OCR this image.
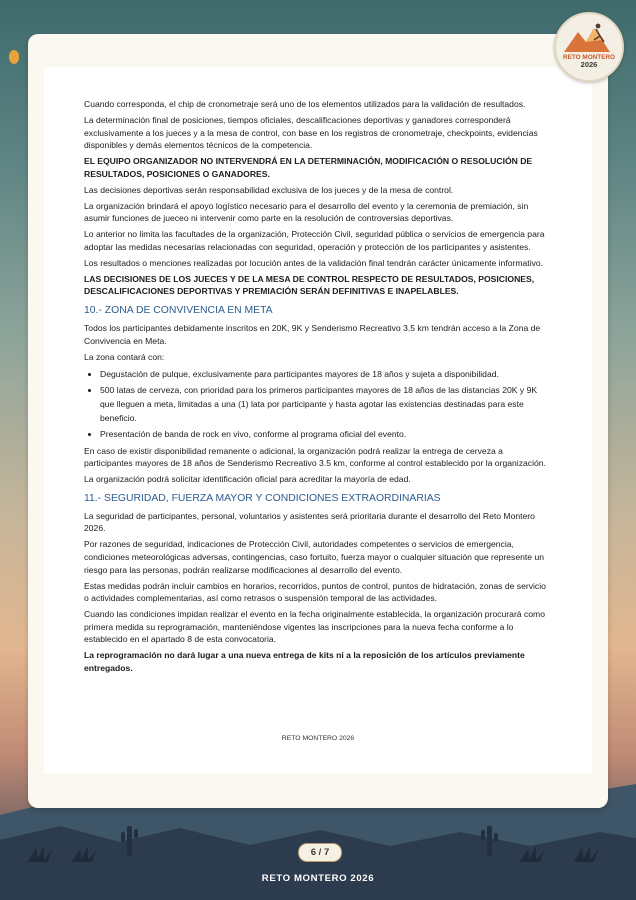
RETO MONTERO
2026

Cuando corresponda, el chip de cronometraje será uno de los elementos utilizados para la validación de resultados.

La determinación final de posiciones, tiempos oficiales, descalificaciones deportivas y ganadores corresponderá exclusivamente a los jueces y a la mesa de control, con base en los registros de cronometraje, checkpoints, evidencias disponibles y demás elementos técnicos de la competencia.

EL EQUIPO ORGANIZADOR NO INTERVENDRÁ EN LA DETERMINACIÓN, MODIFICACIÓN O RESOLUCIÓN DE RESULTADOS, POSICIONES O GANADORES.

Las decisiones deportivas serán responsabilidad exclusiva de los jueces y de la mesa de control.

La organización brindará el apoyo logístico necesario para el desarrollo del evento y la ceremonia de premiación, sin asumir funciones de jueceo ni intervenir como parte en la resolución de controversias deportivas.

Lo anterior no limita las facultades de la organización, Protección Civil, seguridad pública o servicios de emergencia para adoptar las medidas necesarias relacionadas con seguridad, operación y protección de los participantes y asistentes.

Los resultados o menciones realizadas por locución antes de la validación final tendrán carácter únicamente informativo.

LAS DECISIONES DE LOS JUECES Y DE LA MESA DE CONTROL RESPECTO DE RESULTADOS, POSICIONES, DESCALIFICACIONES DEPORTIVAS Y PREMIACIÓN SERÁN DEFINITIVAS E INAPELABLES.

10.- ZONA DE CONVIVENCIA EN META

Todos los participantes debidamente inscritos en 20K, 9K y Senderismo Recreativo 3.5 km tendrán acceso a la Zona de Convivencia en Meta.

La zona contará con:

• Degustación de pulque, exclusivamente para participantes mayores de 18 años y sujeta a disponibilidad.
• 500 latas de cerveza, con prioridad para los primeros participantes mayores de 18 años de las distancias 20K y 9K que lleguen a meta, limitadas a una (1) lata por participante y hasta agotar las existencias destinadas para este beneficio.
• Presentación de banda de rock en vivo, conforme al programa oficial del evento.

En caso de existir disponibilidad remanente o adicional, la organización podrá realizar la entrega de cerveza a participantes mayores de 18 años de Senderismo Recreativo 3.5 km, conforme al control establecido por la organización.

La organización podrá solicitar identificación oficial para acreditar la mayoría de edad.

11.- SEGURIDAD, FUERZA MAYOR Y CONDICIONES EXTRAORDINARIAS

La seguridad de participantes, personal, voluntarios y asistentes será prioritaria durante el desarrollo del Reto Montero 2026.

Por razones de seguridad, indicaciones de Protección Civil, autoridades competentes o servicios de emergencia, condiciones meteorológicas adversas, contingencias, caso fortuito, fuerza mayor o cualquier situación que represente un riesgo para las personas, podrán realizarse modificaciones al desarrollo del evento.

Estas medidas podrán incluir cambios en horarios, recorridos, puntos de control, puntos de hidratación, zonas de servicio o actividades complementarias, así como retrasos o suspensión temporal de las actividades.

Cuando las condiciones impidan realizar el evento en la fecha originalmente establecida, la organización procurará como primera medida su reprogramación, manteniéndose vigentes las inscripciones para la nueva fecha conforme a lo establecido en el apartado 8 de esta convocatoria.

La reprogramación no dará lugar a una nueva entrega de kits ni a la reposición de los artículos previamente entregados.

RETO MONTERO 2026
6 / 7
RETO MONTERO 2026
